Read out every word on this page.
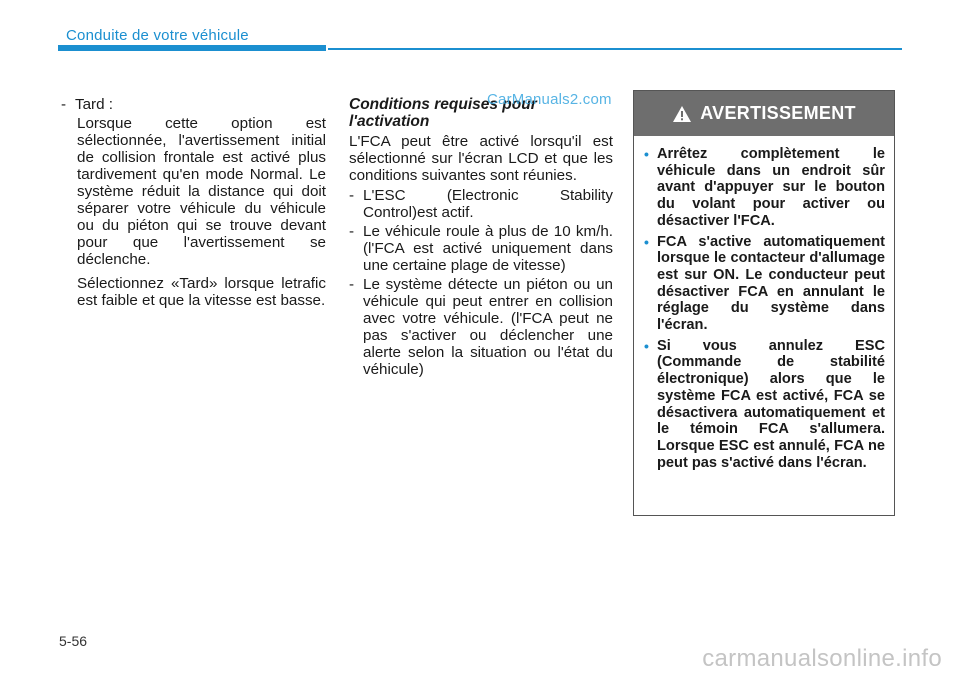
Conduite de votre véhicule
- Tard :
Lorsque cette option est sélectionnée, l'avertissement initial de collision frontale est activé plus tardivement qu'en mode Normal. Le système réduit la distance qui doit séparer votre véhicule du véhicule ou du piéton qui se trouve devant pour que l'avertissement se déclenche.
Sélectionnez «Tard» lorsque letrafic est faible et que la vitesse est basse.
Conditions requises pour l'activation
L'FCA peut être activé lorsqu'il est sélectionné sur l'écran LCD et que les conditions suivantes sont réunies.
- L'ESC (Electronic Stability Control)est actif.
- Le véhicule roule à plus de 10 km/h. (l'FCA est activé uniquement dans une certaine plage de vitesse)
- Le système détecte un piéton ou un véhicule qui peut entrer en collision avec votre véhicule. (l'FCA peut ne pas s'activer ou déclencher une alerte selon la situation ou l'état du véhicule)
CarManuals2.com
AVERTISSEMENT
• Arrêtez complètement le véhicule dans un endroit sûr avant d'appuyer sur le bouton du volant pour activer ou désactiver l'FCA.
• FCA s'active automatiquement lorsque le contacteur d'allumage est sur ON. Le conducteur peut désactiver FCA en annulant le réglage du système dans l'écran.
• Si vous annulez ESC (Commande de stabilité électronique) alors que le système FCA est activé, FCA se désactivera automatiquement et le témoin FCA s'allumera. Lorsque ESC est annulé, FCA ne peut pas s'activé dans l'écran.
5-56
carmanualsonline.info
